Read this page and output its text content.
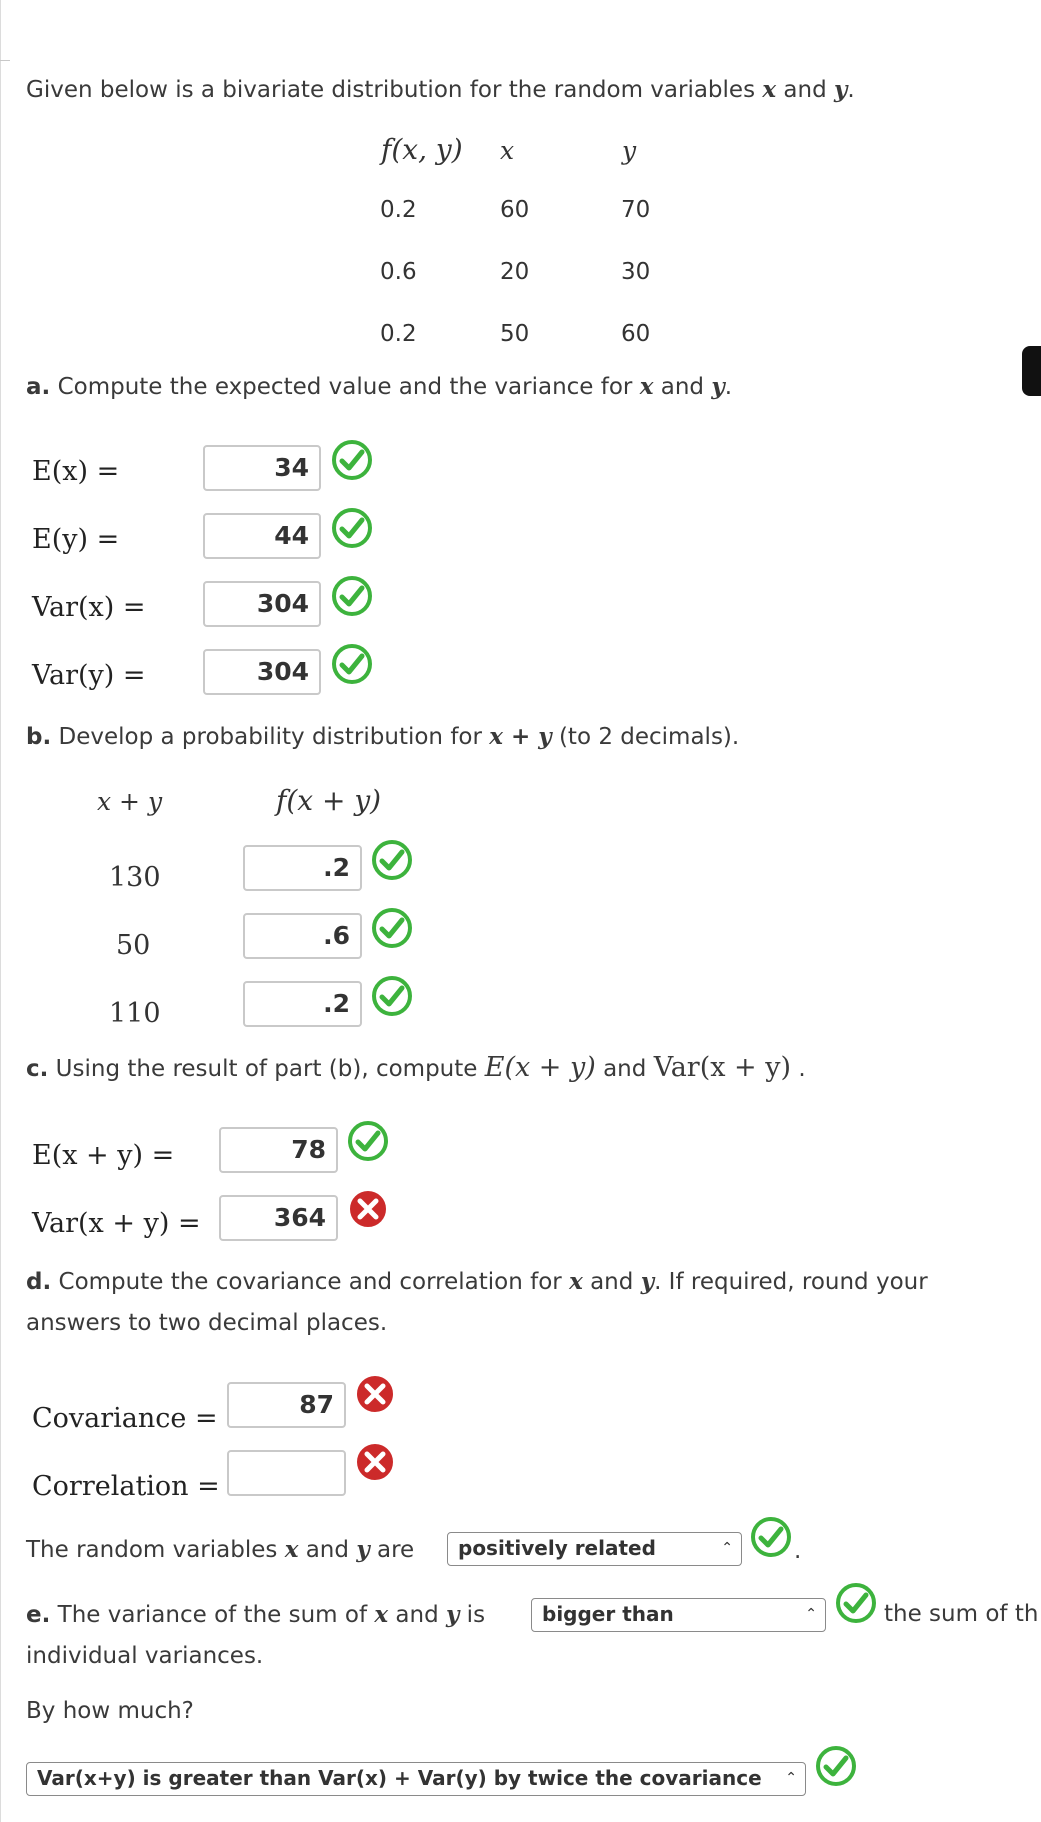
Given below is a bivariate distribution for the random variables x and y.
f(x, y) x	y
0.2	60	70
0.6	20	30
0.2	50	60
a. Compute the expected value and the variance for x and y.
E(x) =	34
E(y) =	44
Var(x) =	304
Var(y) =	304
b. Develop a probability distribution for x + y (to 2 decimals).
x + y	f(x + y)
130	.2
50	.6
110	.2
c. Using the result of part (b), compute E(x + y) and Var(x + y) .
E(x + y) =	78
Var(x + y) =	364
d. Compute the covariance and correlation for x and y. If required, round your
answers to two decimal places.
Covariance =	87
Correlation =
The random variables x and y are	positively related	⌃︎	.
e. The variance of the sum of x and y is	bigger than	⌃︎	the sum of th
individual variances.
By how much?
Var(x+y) is greater than Var(x) + Var(y) by twice the covariance ⌃︎
